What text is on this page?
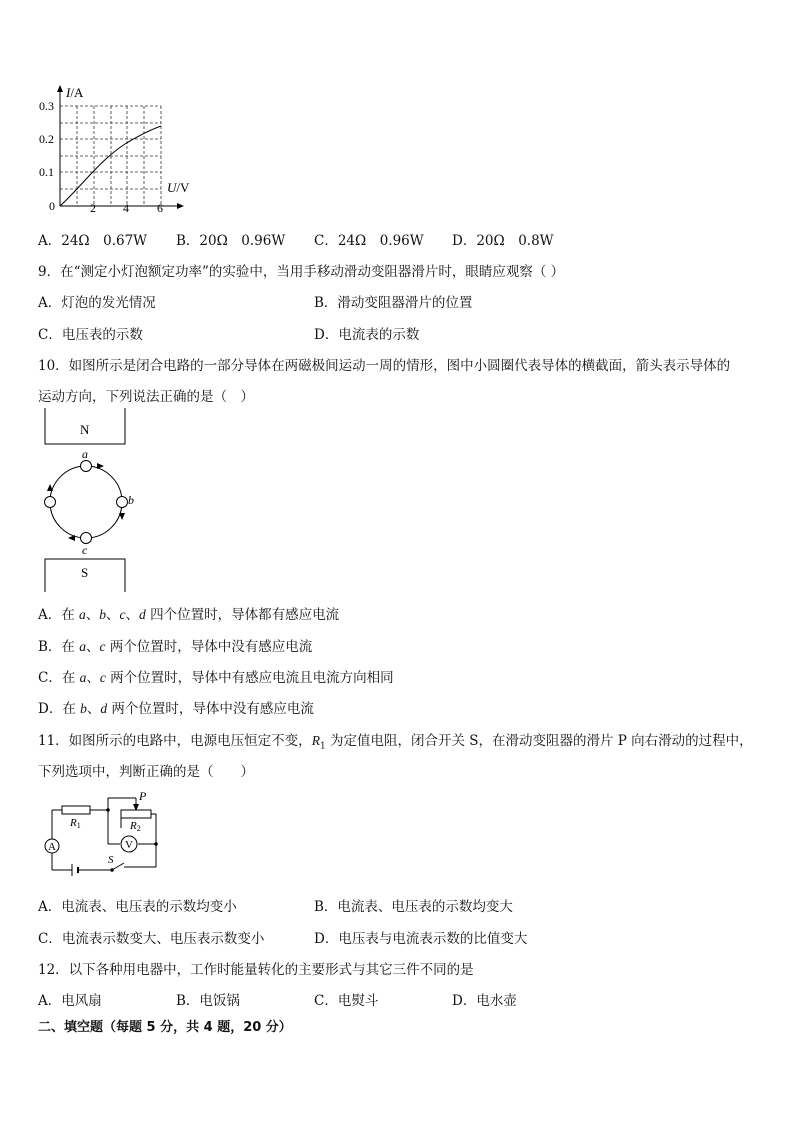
I/A
U/V
0
0.3
0.2
0.1
2 4 6
A．24Ω　0.67W B．20Ω　0.96W C．24Ω　0.96W D．20Ω　0.8W
9．在“测定小灯泡额定功率”的实验中，当用手移动滑动变阻器滑片时，眼睛应观察（ ）
A．灯泡的发光情况	B．滑动变阻器滑片的位置
C．电压表的示数	D．电流表的示数
10．如图所示是闭合电路的一部分导体在两磁极间运动一周的情形，图中小圆圈代表导体的横截面，箭头表示导体的
运动方向，下列说法正确的是（　）
N
a
b
c
S
A．在 a、b、c、d 四个位置时，导体都有感应电流
B．在 a、c 两个位置时，导体中没有感应电流
C．在 a、c 两个位置时，导体中有感应电流且电流方向相同
D．在 b、d 两个位置时，导体中没有感应电流
11．如图所示的电路中，电源电压恒定不变，$R_1$ 为定值电阻，闭合开关 S，在滑动变阻器的滑片 P 向右滑动的过程中，
下列选项中，判断正确的是（　　）
A	V
P
R1	R2
S
A．电流表、电压表的示数均变小	B．电流表、电压表的示数均变大
C．电流表示数变大、电压表示数变小	D．电压表与电流表示数的比值变大
12．以下各种用电器中，工作时能量转化的主要形式与其它三件不同的是
A．电风扇	B．电饭锅	C．电熨斗	D．电水壶
二、填空题（每题 5 分，共 4 题，20 分）
